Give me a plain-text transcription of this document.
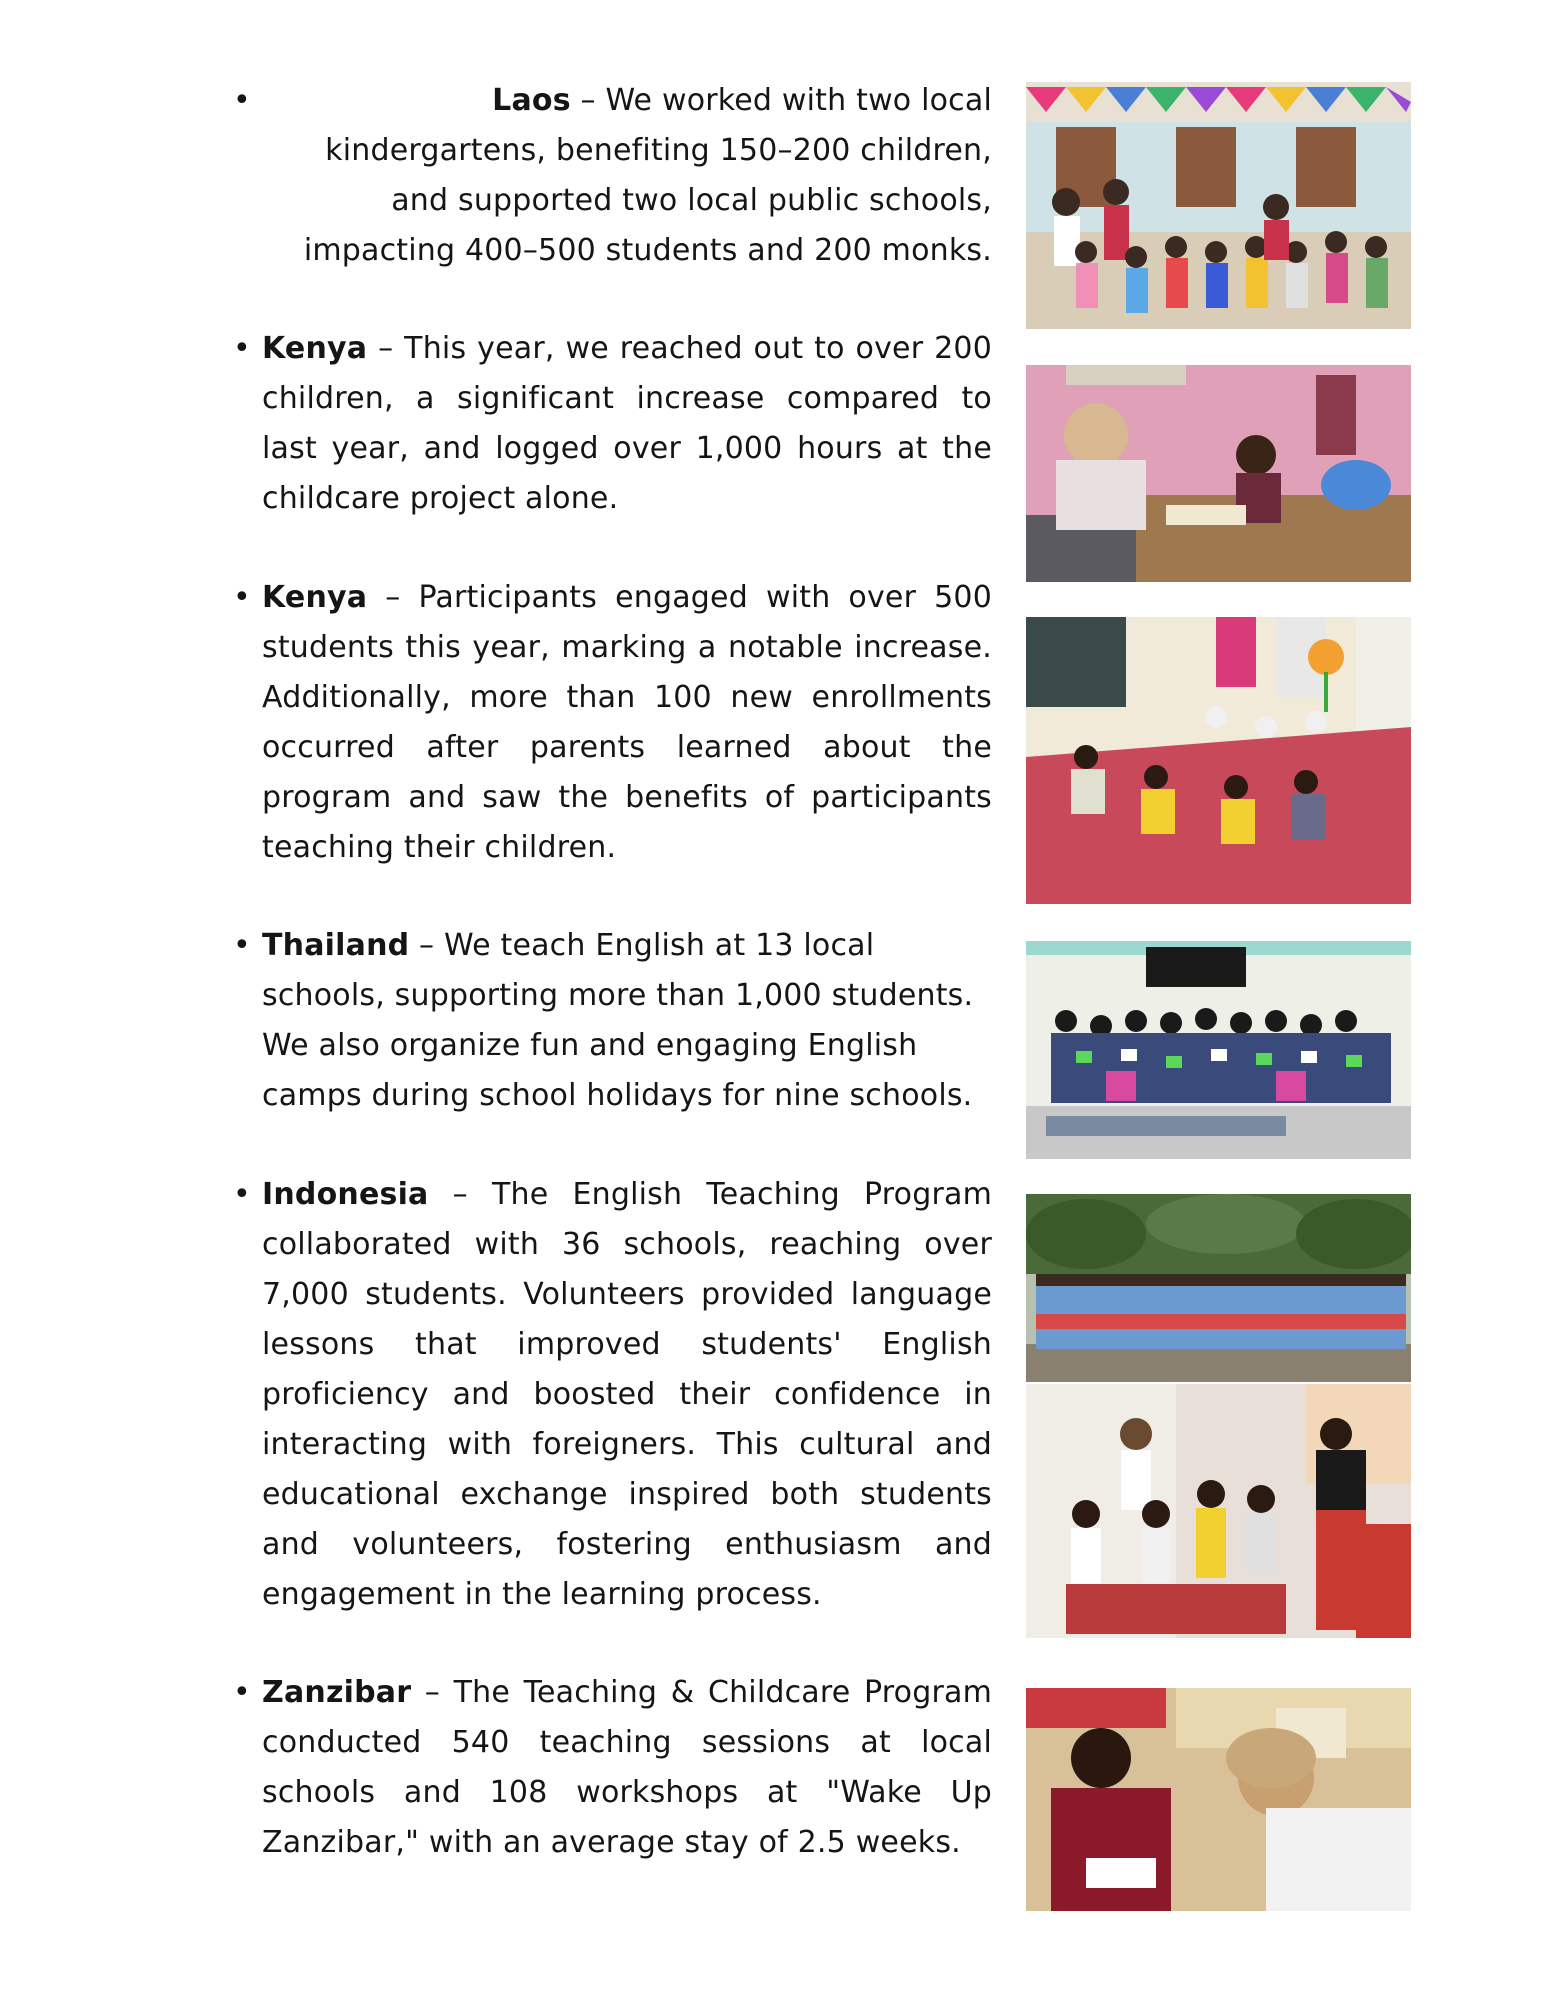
•	Laos – We worked with two local kindergartens, benefiting 150–200 children, and supported two local public schools, impacting 400–500 students and 200 monks.
• Kenya – This year, we reached out to over 200 children, a significant increase compared to last year, and logged over 1,000 hours at the childcare project alone.
• Kenya – Participants engaged with over 500 students this year, marking a notable increase. Additionally, more than 100 new enrollments occurred after parents learned about the program and saw the benefits of participants teaching their children.
• Thailand – We teach English at 13 local schools, supporting more than 1,000 students. We also organize fun and engaging English camps during school holidays for nine schools.
• Indonesia – The English Teaching Program collaborated with 36 schools, reaching over 7,000 students. Volunteers provided language lessons that improved students' English proficiency and boosted their confidence in interacting with foreigners. This cultural and educational exchange inspired both students and volunteers, fostering enthusiasm and engagement in the learning process.
• Zanzibar – The Teaching & Childcare Program conducted 540 teaching sessions at local schools and 108 workshops at "Wake Up Zanzibar," with an average stay of 2.5 weeks.
